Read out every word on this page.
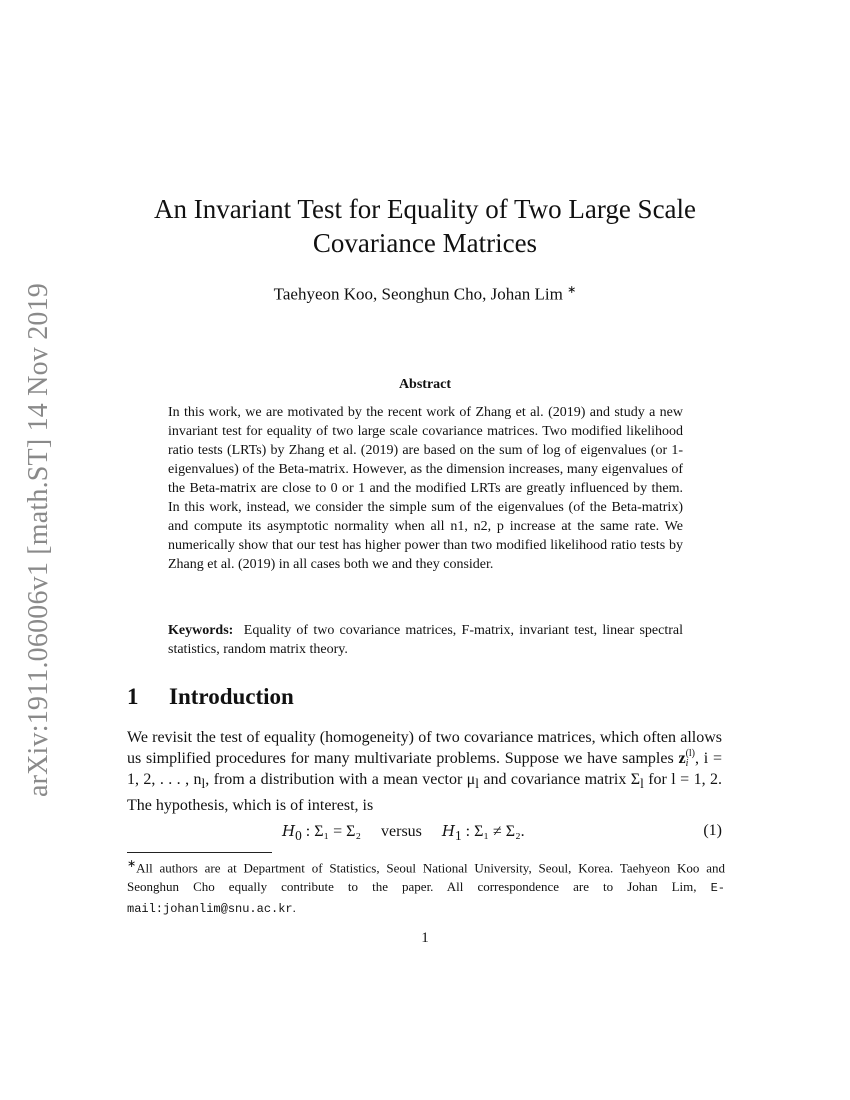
arXiv:1911.06006v1 [math.ST] 14 Nov 2019
An Invariant Test for Equality of Two Large Scale Covariance Matrices
Taehyeon Koo, Seonghun Cho, Johan Lim ∗
Abstract
In this work, we are motivated by the recent work of Zhang et al. (2019) and study a new invariant test for equality of two large scale covariance matrices. Two modified likelihood ratio tests (LRTs) by Zhang et al. (2019) are based on the sum of log of eigenvalues (or 1- eigenvalues) of the Beta-matrix. However, as the dimension increases, many eigenvalues of the Beta-matrix are close to 0 or 1 and the modified LRTs are greatly influenced by them. In this work, instead, we consider the simple sum of the eigenvalues (of the Beta-matrix) and compute its asymptotic normality when all n1, n2, p increase at the same rate. We numerically show that our test has higher power than two modified likelihood ratio tests by Zhang et al. (2019) in all cases both we and they consider.
Keywords: Equality of two covariance matrices, F-matrix, invariant test, linear spectral statistics, random matrix theory.
1 Introduction
We revisit the test of equality (homogeneity) of two covariance matrices, which often allows us simplified procedures for many multivariate problems. Suppose we have samples z(l)
i , i = 1, 2, . . . , $n_l$, from a distribution with a mean vector $\mu_l$ and covariance matrix $\Sigma_l$ for l = 1, 2. The hypothesis, which is of interest, is
$H_0$ : Σ₁ = Σ₂ versus $H_1$ : Σ₁ ≠ Σ₂.	(1)
∗All authors are at Department of Statistics, Seoul National University, Seoul, Korea. Taehyeon Koo and Seonghun Cho equally contribute to the paper. All correspondence are to Johan Lim, E-mail:johanlim@snu.ac.kr.
1
